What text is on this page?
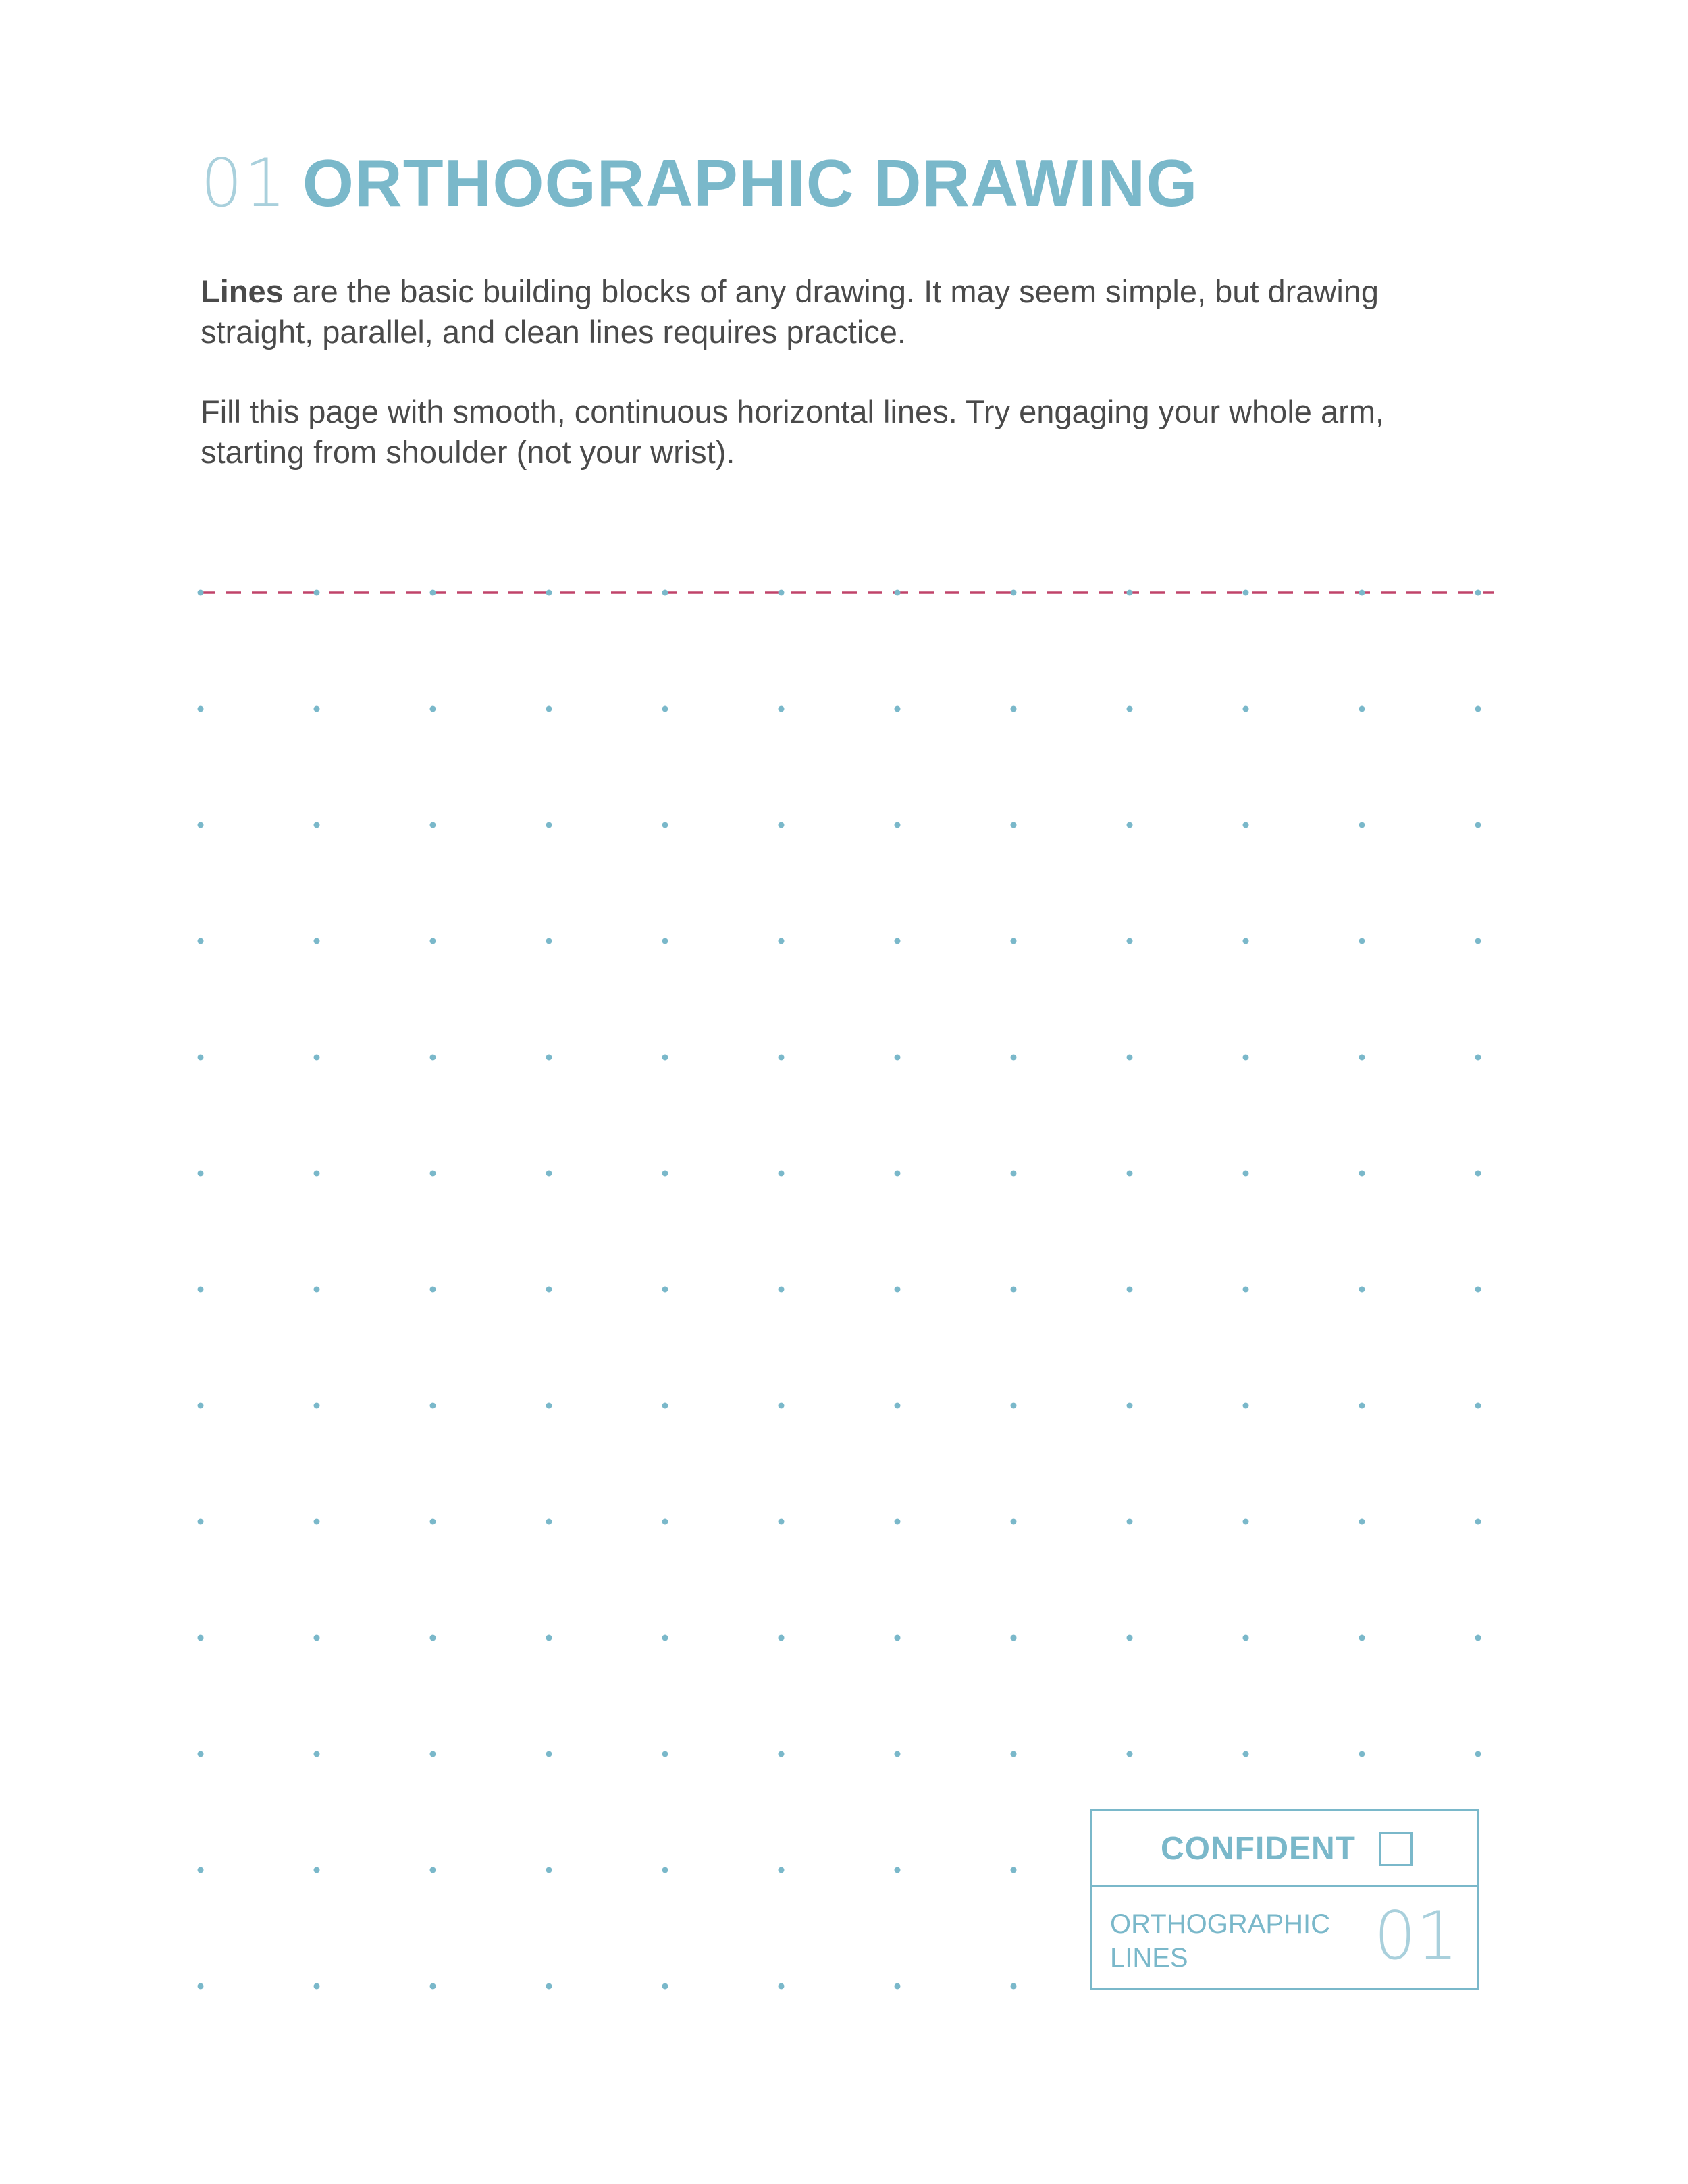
01 ORTHOGRAPHIC DRAWING

Lines are the basic building blocks of any drawing. It may seem simple, but drawing straight, parallel, and clean lines requires practice.

Fill this page with smooth, continuous horizontal lines. Try engaging your whole arm, starting from shoulder (not your wrist).

CONFIDENT
ORTHOGRAPHIC
LINES	01
